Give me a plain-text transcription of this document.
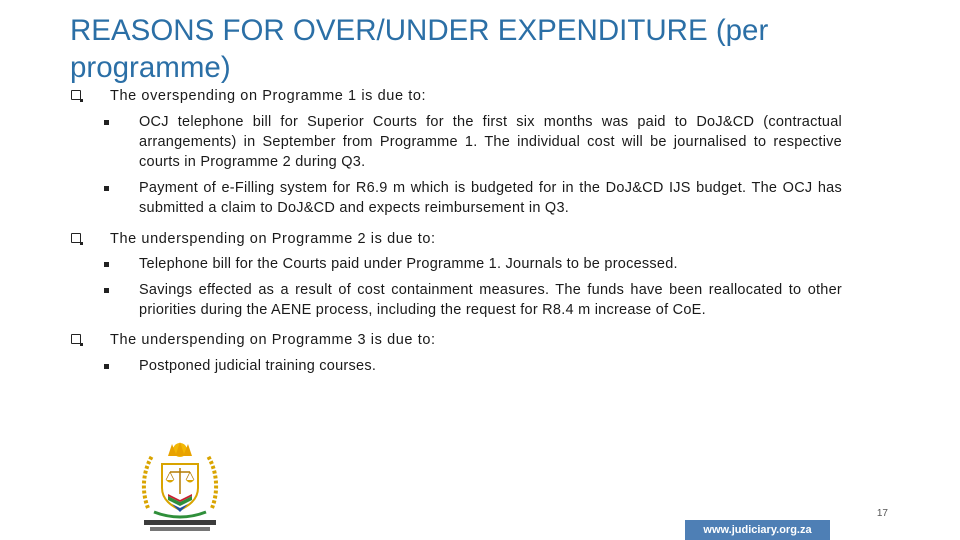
REASONS FOR OVER/UNDER EXPENDITURE (per programme)
The overspending on Programme 1 is due to:
OCJ telephone bill for Superior Courts for the first six months was paid to DoJ&CD (contractual arrangements) in September from Programme 1. The individual cost will be journalised to respective courts in Programme 2 during Q3.
Payment of e-Filling system for R6.9 m which is budgeted for in the DoJ&CD IJS budget. The OCJ has submitted a claim to DoJ&CD and expects reimbursement in Q3.
The underspending on Programme 2 is due to:
Telephone bill for the Courts paid under Programme 1. Journals to be processed.
Savings effected as a result of cost containment measures. The funds have been reallocated to other priorities during the AENE process, including the request for R8.4 m increase of CoE.
The underspending on Programme 3 is due to:
Postponed judicial training courses.
17
www.judiciary.org.za
